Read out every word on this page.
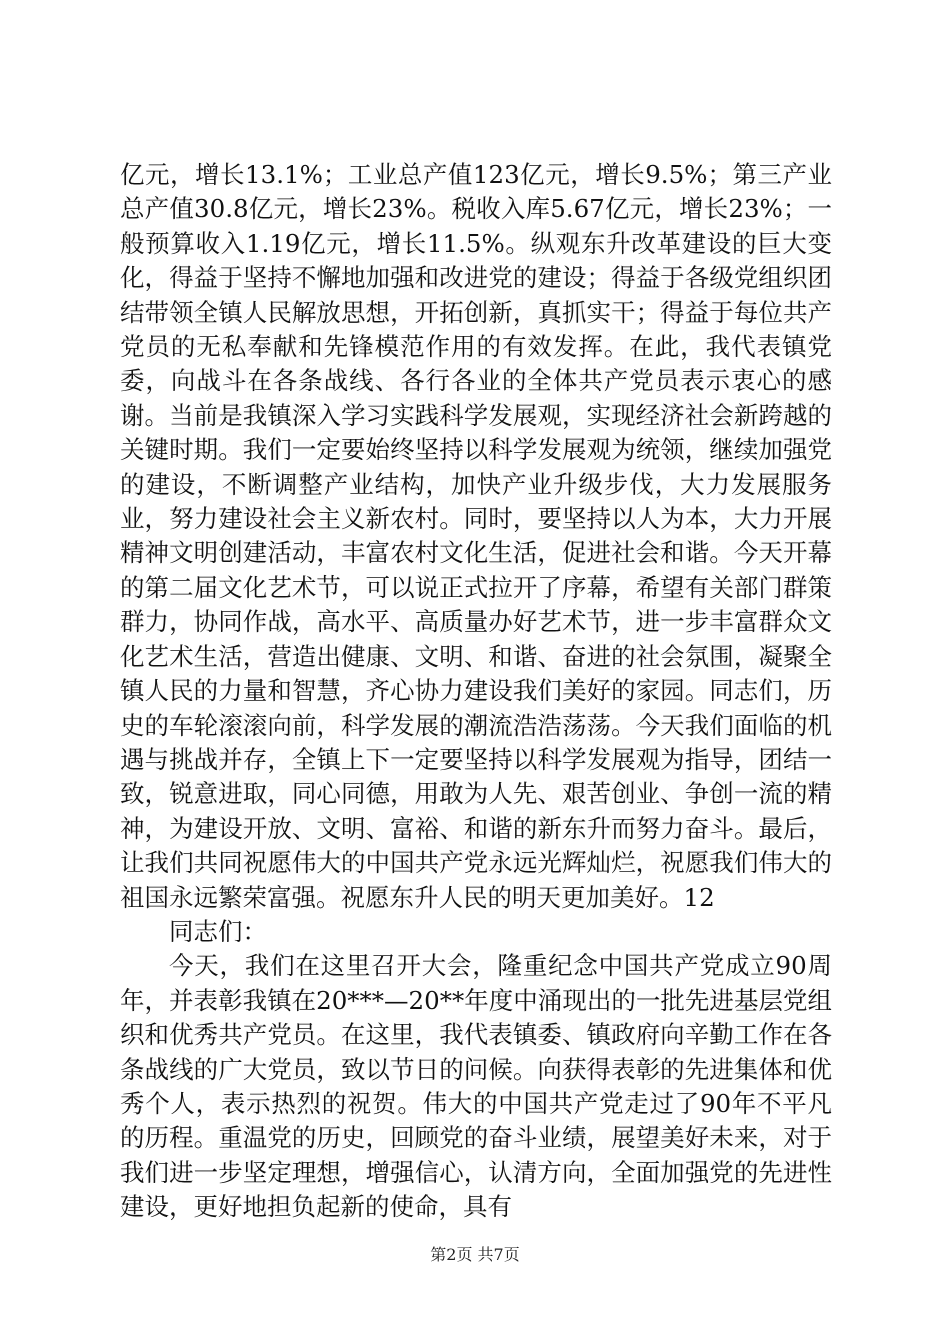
亿元，增长13.1%；工业总产值123亿元，增长9.5%；第三产业总产值30.8亿元，增长23%。税收入库5.67亿元，增长23%；一般预算收入1.19亿元，增长11.5%。纵观东升改革建设的巨大变化，得益于坚持不懈地加强和改进党的建设；得益于各级党组织团结带领全镇人民解放思想，开拓创新，真抓实干；得益于每位共产党员的无私奉献和先锋模范作用的有效发挥。在此，我代表镇党委，向战斗在各条战线、各行各业的全体共产党员表示衷心的感谢。当前是我镇深入学习实践科学发展观，实现经济社会新跨越的关键时期。我们一定要始终坚持以科学发展观为统领，继续加强党的建设，不断调整产业结构，加快产业升级步伐，大力发展服务业，努力建设社会主义新农村。同时，要坚持以人为本，大力开展精神文明创建活动，丰富农村文化生活，促进社会和谐。今天开幕的第二届文化艺术节，可以说正式拉开了序幕，希望有关部门群策群力，协同作战，高水平、高质量办好艺术节，进一步丰富群众文化艺术生活，营造出健康、文明、和谐、奋进的社会氛围，凝聚全镇人民的力量和智慧，齐心协力建设我们美好的家园。同志们，历史的车轮滚滚向前，科学发展的潮流浩浩荡荡。今天我们面临的机遇与挑战并存，全镇上下一定要坚持以科学发展观为指导，团结一致，锐意进取，同心同德，用敢为人先、艰苦创业、争创一流的精神，为建设开放、文明、富裕、和谐的新东升而努力奋斗。最后，让我们共同祝愿伟大的中国共产党永远光辉灿烂，祝愿我们伟大的祖国永远繁荣富强。祝愿东升人民的明天更加美好。12

同志们：

今天，我们在这里召开大会，隆重纪念中国共产党成立90周年，并表彰我镇在20***—20**年度中涌现出的一批先进基层党组织和优秀共产党员。在这里，我代表镇委、镇政府向辛勤工作在各条战线的广大党员，致以节日的问候。向获得表彰的先进集体和优秀个人，表示热烈的祝贺。伟大的中国共产党走过了90年不平凡的历程。重温党的历史，回顾党的奋斗业绩，展望美好未来，对于我们进一步坚定理想，增强信心，认清方向，全面加强党的先进性建设，更好地担负起新的使命，具有

第2页 共7页
